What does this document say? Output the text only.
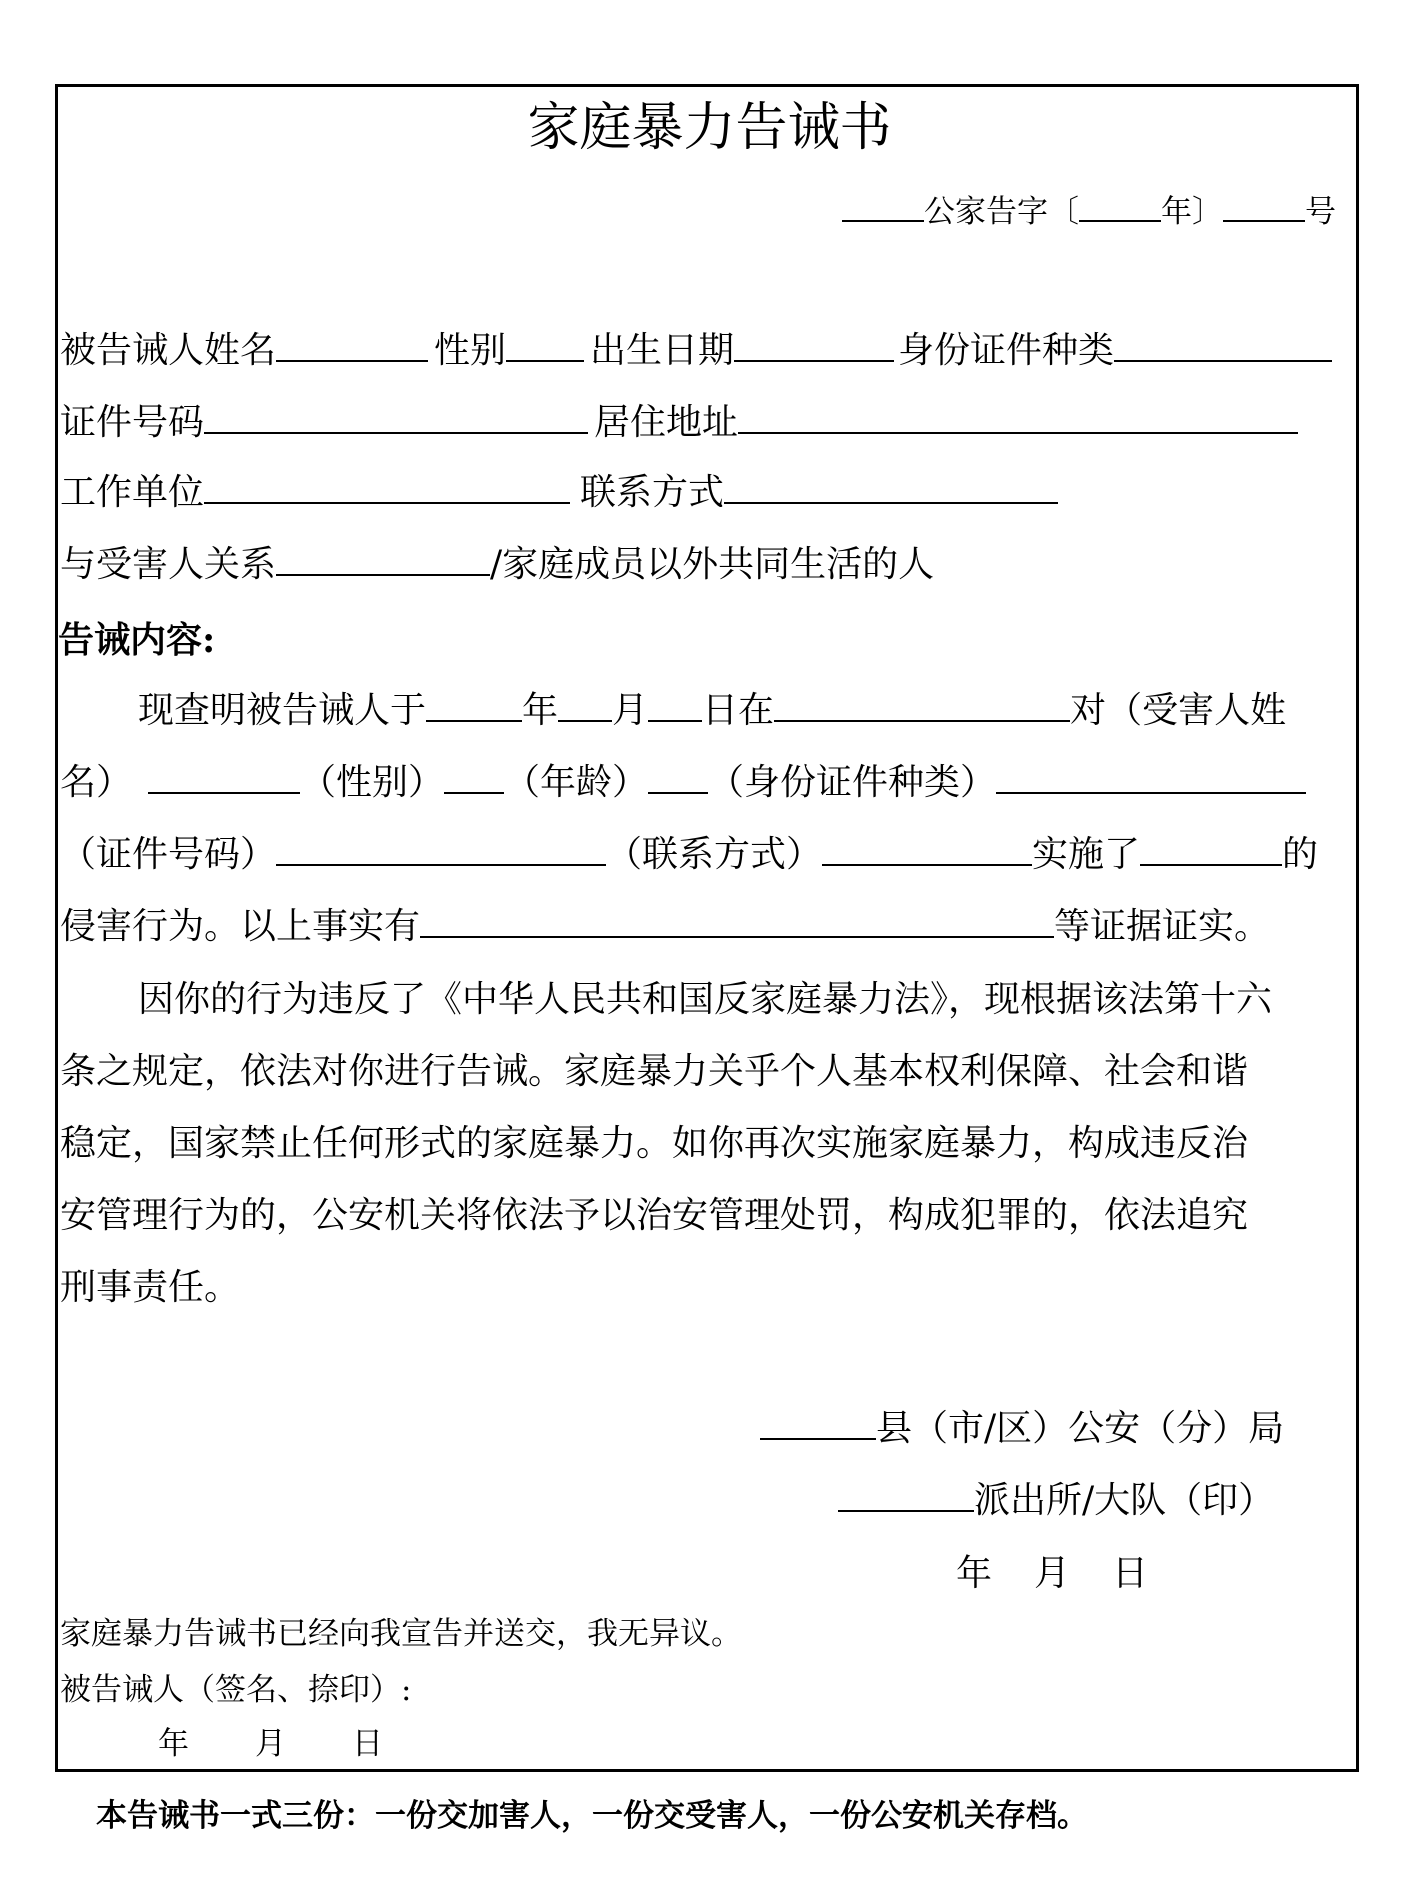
家庭暴力告诫书
公家告字〔	年〕	号
被告诫人姓名	性别 出生日期	身份证件种类
证件号码	居住地址
工作单位	联系方式
与受害人关系	/家庭成员以外共同生活的人
告诫内容:
现查明被告诫人于	年 月 日在	对（受害人姓
名）	（性别） （年龄） （身份证件种类）
（证件号码）	（联系方式）	实施了	的
侵害行为。以上事实有	等证据证实。
因你的行为违反了《中华人民共和国反家庭暴力法》，现根据该法第十六
条之规定，依法对你进行告诫。家庭暴力关乎个人基本权利保障、社会和谐
稳定，国家禁止任何形式的家庭暴力。如你再次实施家庭暴力，构成违反治
安管理行为的，公安机关将依法予以治安管理处罚，构成犯罪的，依法追究
刑事责任。
县（市/区）公安（分）局
派出所/大队（印）
年 月 日
家庭暴力告诫书已经向我宣告并送交，我无异议。
被告诫人（签名、捺印）:
年 月 日
本告诫书一式三份：一份交加害人，一份交受害人，一份公安机关存档。
